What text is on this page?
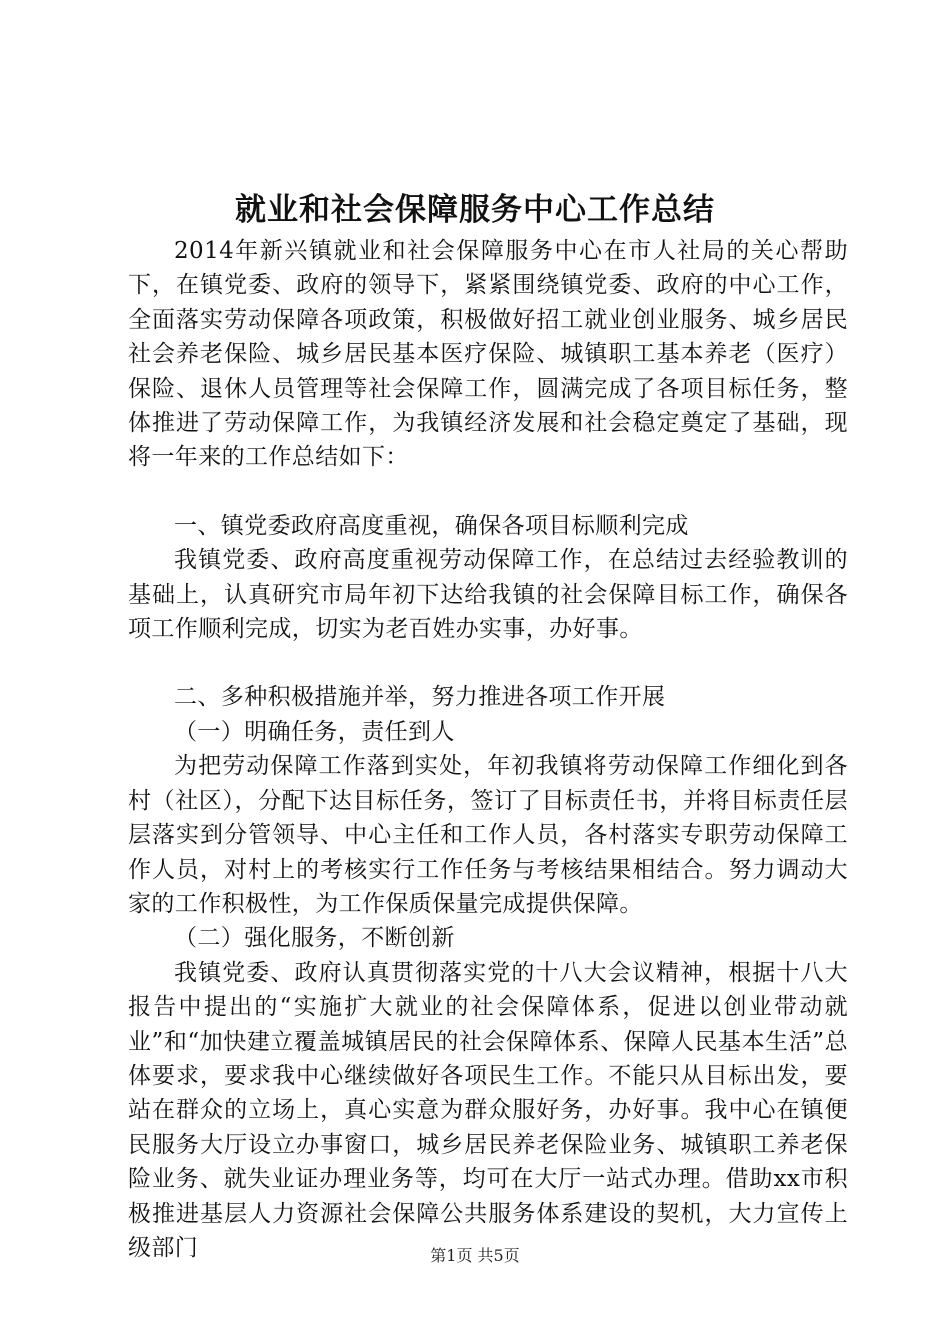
就业和社会保障服务中心工作总结

2014年新兴镇就业和社会保障服务中心在市人社局的关心帮助下，在镇党委、政府的领导下，紧紧围绕镇党委、政府的中心工作，全面落实劳动保障各项政策，积极做好招工就业创业服务、城乡居民社会养老保险、城乡居民基本医疗保险、城镇职工基本养老（医疗）保险、退休人员管理等社会保障工作，圆满完成了各项目标任务，整体推进了劳动保障工作，为我镇经济发展和社会稳定奠定了基础，现将一年来的工作总结如下：

一、镇党委政府高度重视，确保各项目标顺利完成

我镇党委、政府高度重视劳动保障工作，在总结过去经验教训的基础上，认真研究市局年初下达给我镇的社会保障目标工作，确保各项工作顺利完成，切实为老百姓办实事，办好事。

二、多种积极措施并举，努力推进各项工作开展

（一）明确任务，责任到人

为把劳动保障工作落到实处，年初我镇将劳动保障工作细化到各村（社区），分配下达目标任务，签订了目标责任书，并将目标责任层层落实到分管领导、中心主任和工作人员，各村落实专职劳动保障工作人员，对村上的考核实行工作任务与考核结果相结合。努力调动大家的工作积极性，为工作保质保量完成提供保障。

（二）强化服务，不断创新

我镇党委、政府认真贯彻落实党的十八大会议精神，根据十八大报告中提出的“实施扩大就业的社会保障体系，促进以创业带动就业”和“加快建立覆盖城镇居民的社会保障体系、保障人民基本生活”总体要求，要求我中心继续做好各项民生工作。不能只从目标出发，要站在群众的立场上，真心实意为群众服好务，办好事。我中心在镇便民服务大厅设立办事窗口，城乡居民养老保险业务、城镇职工养老保险业务、就失业证办理业务等，均可在大厅一站式办理。借助xx市积极推进基层人力资源社会保障公共服务体系建设的契机，大力宣传上级部门	第1页 共5页
